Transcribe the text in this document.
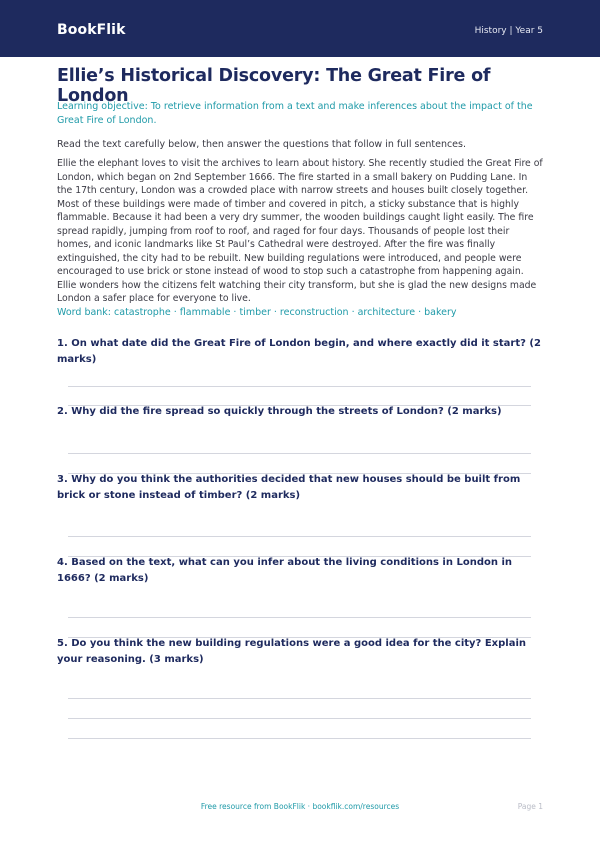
BookFlik	History | Year 5
Ellie’s Historical Discovery: The Great Fire of London

Learning objective: To retrieve information from a text and make inferences about the impact of the Great Fire of London.

Read the text carefully below, then answer the questions that follow in full sentences.

Ellie the elephant loves to visit the archives to learn about history. She recently studied the Great Fire of London, which began on 2nd September 1666. The fire started in a small bakery on Pudding Lane. In the 17th century, London was a crowded place with narrow streets and houses built closely together. Most of these buildings were made of timber and covered in pitch, a sticky substance that is highly flammable. Because it had been a very dry summer, the wooden buildings caught light easily. The fire spread rapidly, jumping from roof to roof, and raged for four days. Thousands of people lost their homes, and iconic landmarks like St Paul’s Cathedral were destroyed. After the fire was finally extinguished, the city had to be rebuilt. New building regulations were introduced, and people were encouraged to use brick or stone instead of wood to stop such a catastrophe from happening again. Ellie wonders how the citizens felt watching their city transform, but she is glad the new designs made London a safer place for everyone to live.

Word bank: catastrophe · flammable · timber · reconstruction · architecture · bakery

1. On what date did the Great Fire of London begin, and where exactly did it start? (2 marks)
2. Why did the fire spread so quickly through the streets of London? (2 marks)
3. Why do you think the authorities decided that new houses should be built from brick or stone instead of timber? (2 marks)
4. Based on the text, what can you infer about the living conditions in London in 1666? (2 marks)
5. Do you think the new building regulations were a good idea for the city? Explain your reasoning. (3 marks)
Free resource from BookFlik · bookflik.com/resources	Page 1
